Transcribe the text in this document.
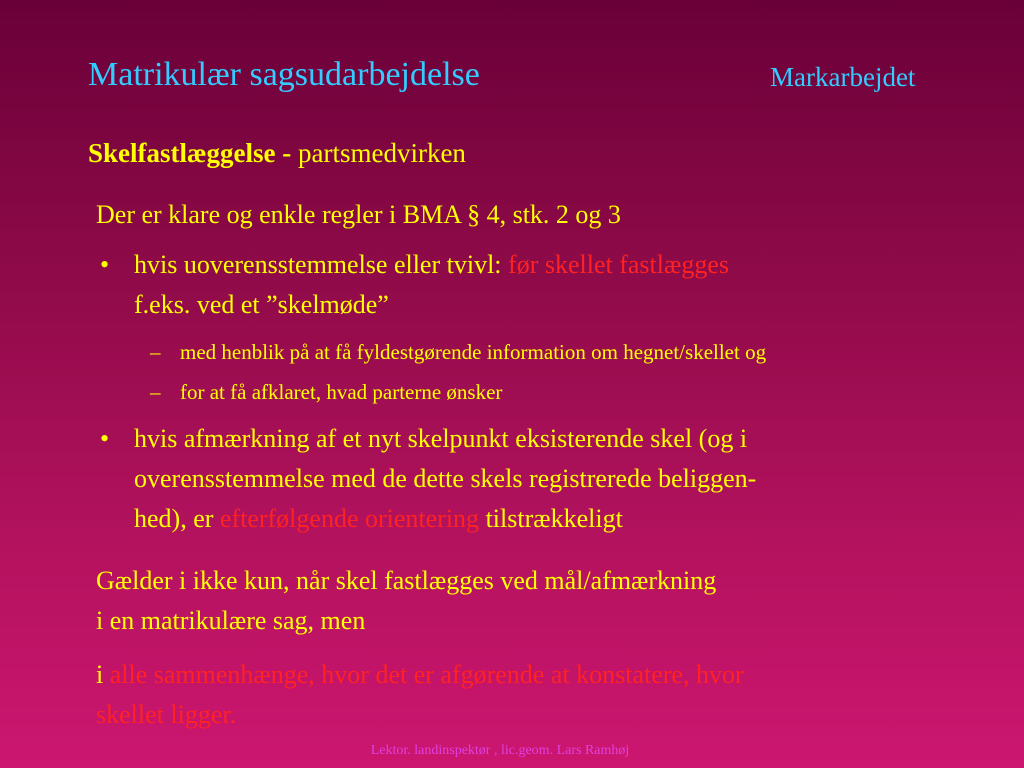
Matrikulær sagsudarbejdelse	Markarbejdet
Skelfastlæggelse - partsmedvirken
Der er klare og enkle regler i BMA § 4, stk. 2 og 3
• hvis uoverensstemmelse eller tvivl: før skellet fastlægges
f.eks. ved et ”skelmøde”
– med henblik på at få fyldestgørende information om hegnet/skellet og
– for at få afklaret, hvad parterne ønsker
• hvis afmærkning af et nyt skelpunkt eksisterende skel (og i
overensstemmelse med de dette skels registrerede beliggen-
hed), er efterfølgende orientering tilstrækkeligt
Gælder i ikke kun, når skel fastlægges ved mål/afmærkning
i en matrikulære sag, men
i alle sammenhænge, hvor det er afgørende at konstatere, hvor
skellet ligger.
Lektor. landinspektør , lic.geom. Lars Ramhøj
